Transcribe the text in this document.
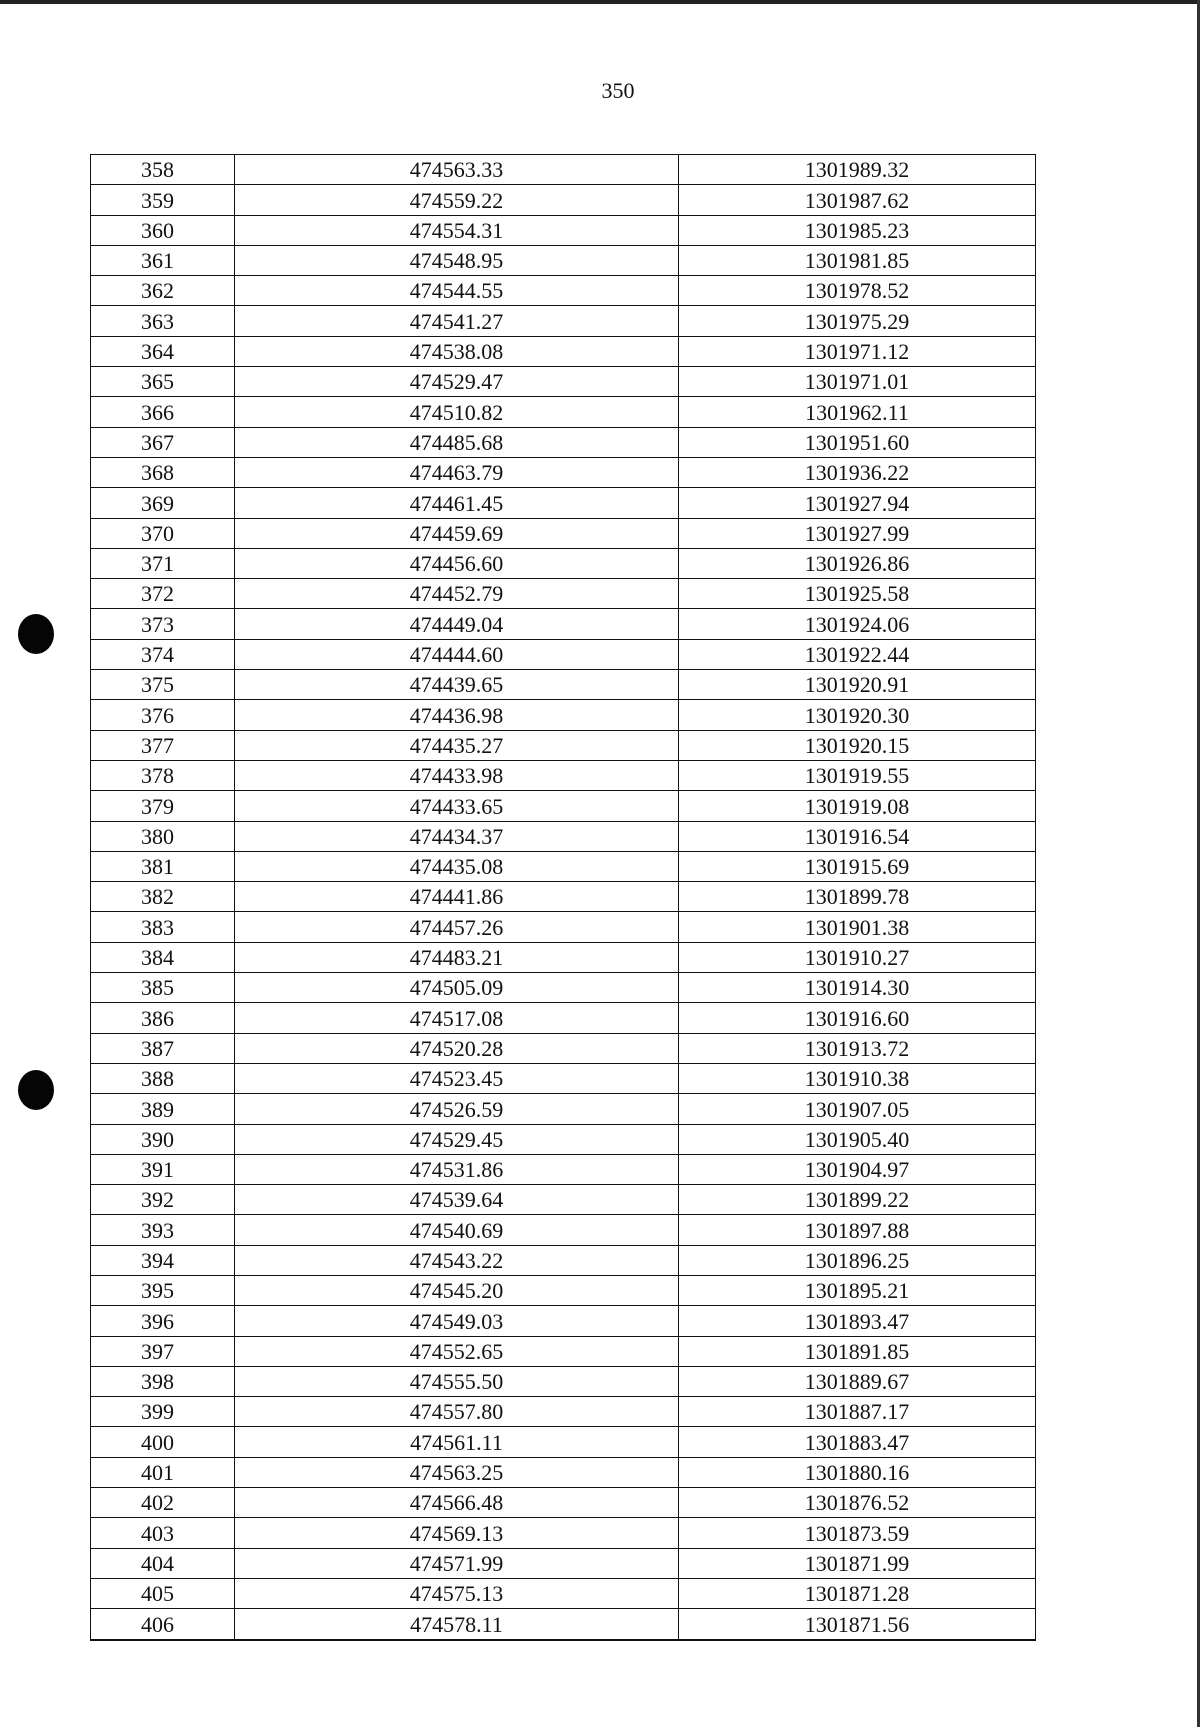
350
358	474563.33	1301989.32
359	474559.22	1301987.62
360	474554.31	1301985.23
361	474548.95	1301981.85
362	474544.55	1301978.52
363	474541.27	1301975.29
364	474538.08	1301971.12
365	474529.47	1301971.01
366	474510.82	1301962.11
367	474485.68	1301951.60
368	474463.79	1301936.22
369	474461.45	1301927.94
370	474459.69	1301927.99
371	474456.60	1301926.86
372	474452.79	1301925.58
373	474449.04	1301924.06
374	474444.60	1301922.44
375	474439.65	1301920.91
376	474436.98	1301920.30
377	474435.27	1301920.15
378	474433.98	1301919.55
379	474433.65	1301919.08
380	474434.37	1301916.54
381	474435.08	1301915.69
382	474441.86	1301899.78
383	474457.26	1301901.38
384	474483.21	1301910.27
385	474505.09	1301914.30
386	474517.08	1301916.60
387	474520.28	1301913.72
388	474523.45	1301910.38
389	474526.59	1301907.05
390	474529.45	1301905.40
391	474531.86	1301904.97
392	474539.64	1301899.22
393	474540.69	1301897.88
394	474543.22	1301896.25
395	474545.20	1301895.21
396	474549.03	1301893.47
397	474552.65	1301891.85
398	474555.50	1301889.67
399	474557.80	1301887.17
400	474561.11	1301883.47
401	474563.25	1301880.16
402	474566.48	1301876.52
403	474569.13	1301873.59
404	474571.99	1301871.99
405	474575.13	1301871.28
406	474578.11	1301871.56
